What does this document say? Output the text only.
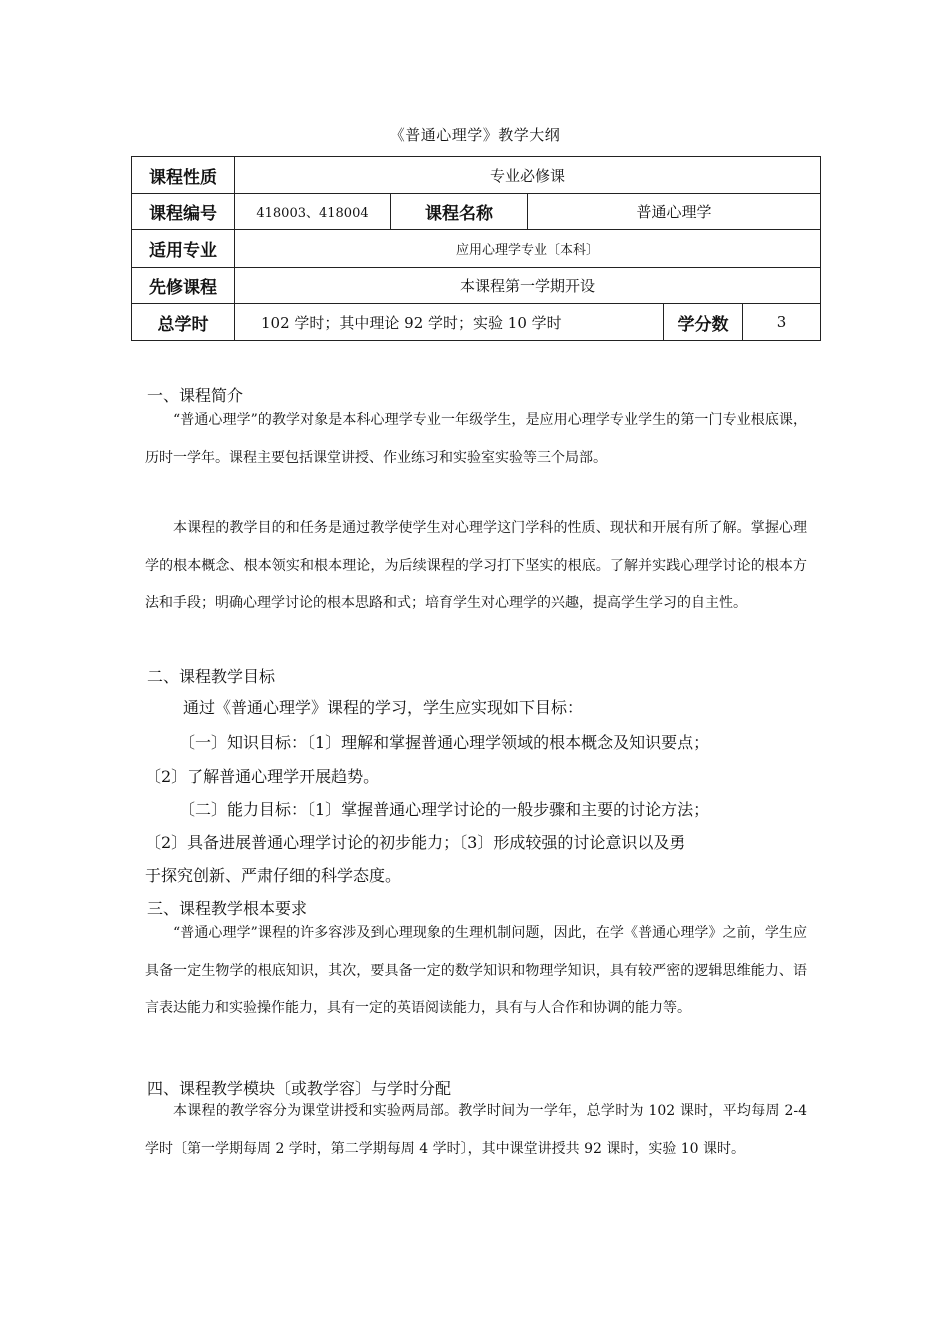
《普通心理学》教学大纲
课程性质	专业必修课				
课程编号	418003、418004	课程名称	普通心理学		
适用专业	应用心理学专业〔本科〕				
先修课程	本课程第一学期开设				
总学时	102 学时；其中理论 92 学时；实验 10 学时			学分数	3
一、课程简介

“普通心理学”的教学对象是本科心理学专业一年级学生，是应用心理学专业学生的第一门专业根底课，历时一学年。课程主要包括课堂讲授、作业练习和实验室实验等三个局部。

本课程的教学目的和任务是通过教学使学生对心理学这门学科的性质、现状和开展有所了解。掌握心理学的根本概念、根本领实和根本理论，为后续课程的学习打下坚实的根底。了解并实践心理学讨论的根本方法和手段；明确心理学讨论的根本思路和式；培育学生对心理学的兴趣，提高学生学习的自主性。

二、课程教学目标
通过《普通心理学》课程的学习，学生应实现如下目标：
〔一〕知识目标：〔1〕理解和掌握普通心理学领域的根本概念及知识要点；
〔2〕了解普通心理学开展趋势。
〔二〕能力目标：〔1〕掌握普通心理学讨论的一般步骤和主要的讨论方法；
〔2〕具备进展普通心理学讨论的初步能力；〔3〕形成较强的讨论意识以及勇
于探究创新、严肃仔细的科学态度。
三、课程教学根本要求

“普通心理学”课程的许多容涉及到心理现象的生理机制问题，因此，在学《普通心理学》之前，学生应具备一定生物学的根底知识，其次，要具备一定的数学知识和物理学知识，具有较严密的逻辑思维能力、语言表达能力和实验操作能力，具有一定的英语阅读能力，具有与人合作和协调的能力等。

四、课程教学模块〔或教学容〕与学时分配

本课程的教学容分为课堂讲授和实验两局部。教学时间为一学年，总学时为 102 课时，平均每周 2-4 学时〔第一学期每周 2 学时，第二学期每周 4 学时〕，其中课堂讲授共 92 课时，实验 10 课时。
